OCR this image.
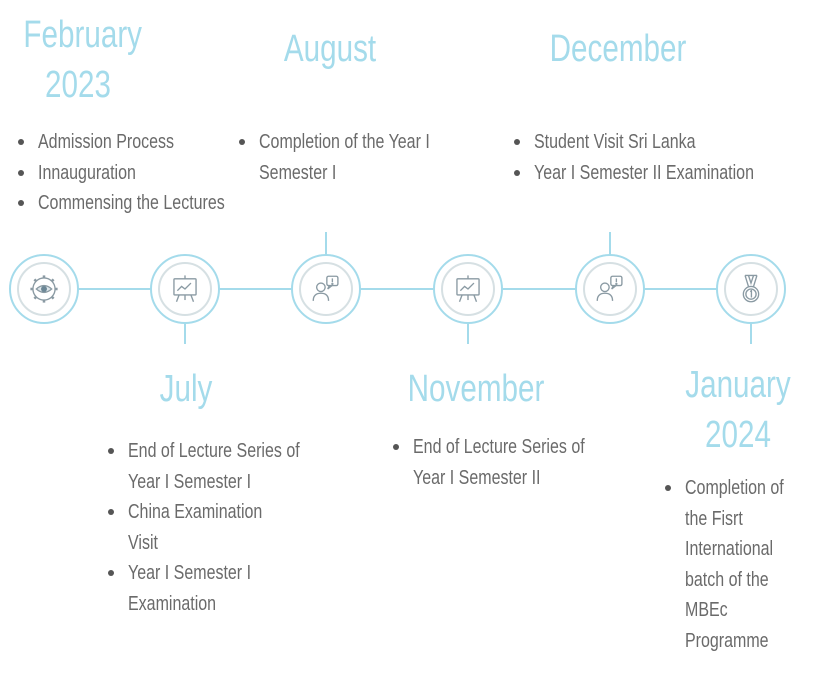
February
2023
August	December
Admission Process
Innauguration
Commensing the Lectures
Completion of the Year I
Semester I
Student Visit Sri Lanka
Year I Semester II Examination
July	November	January
2024
End of Lecture Series of
Year I Semester I
China Examination
Visit
Year I Semester I
Examination
End of Lecture Series of
Year I Semester II	Completion of
the Fisrt
International
batch of the
MBEc
Programme
